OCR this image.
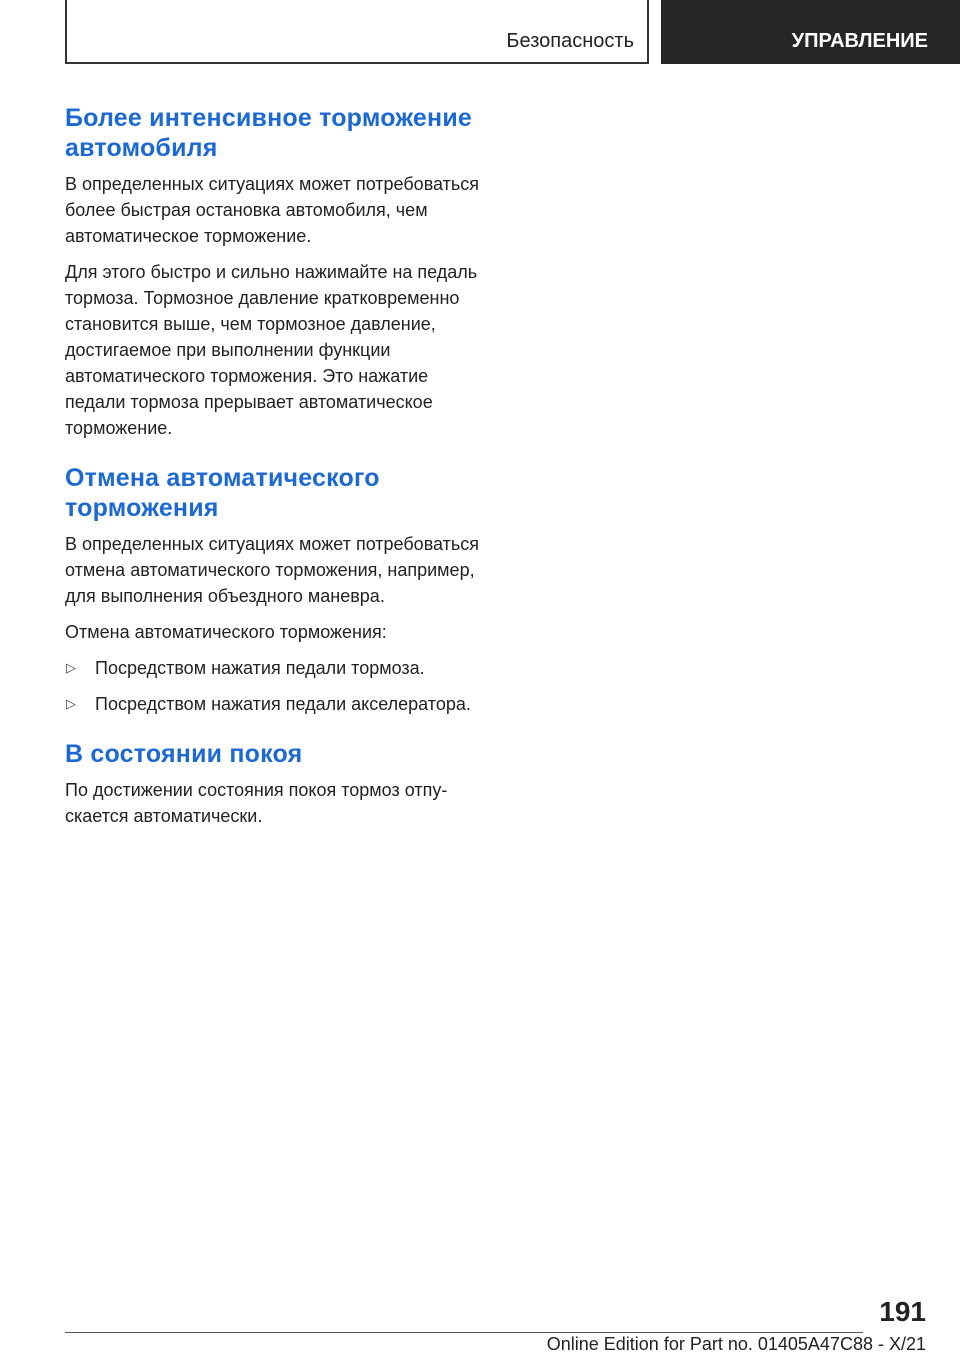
Безопасность	УПРАВЛЕНИЕ
Более интенсивное торможение автомобиля

В определенных ситуациях может потребоваться более быстрая остановка автомобиля, чем автоматическое торможение.

Для этого быстро и сильно нажимайте на педаль тормоза. Тормозное давление кратковременно становится выше, чем тормозное давление, достигаемое при выполнении функции автоматического торможения. Это нажатие педали тормоза прерывает автоматическое торможение.

Отмена автоматического торможения

В определенных ситуациях может потребоваться отмена автоматического торможения, например, для выполнения объездного маневра.

Отмена автоматического торможения:

▷ Посредством нажатия педали тормоза.
▷ Посредством нажатия педали акселератора.
В состоянии покоя

По достижении состояния покоя тормоз отпускается автоматически.

191
Online Edition for Part no. 01405A47C88 - X/21
